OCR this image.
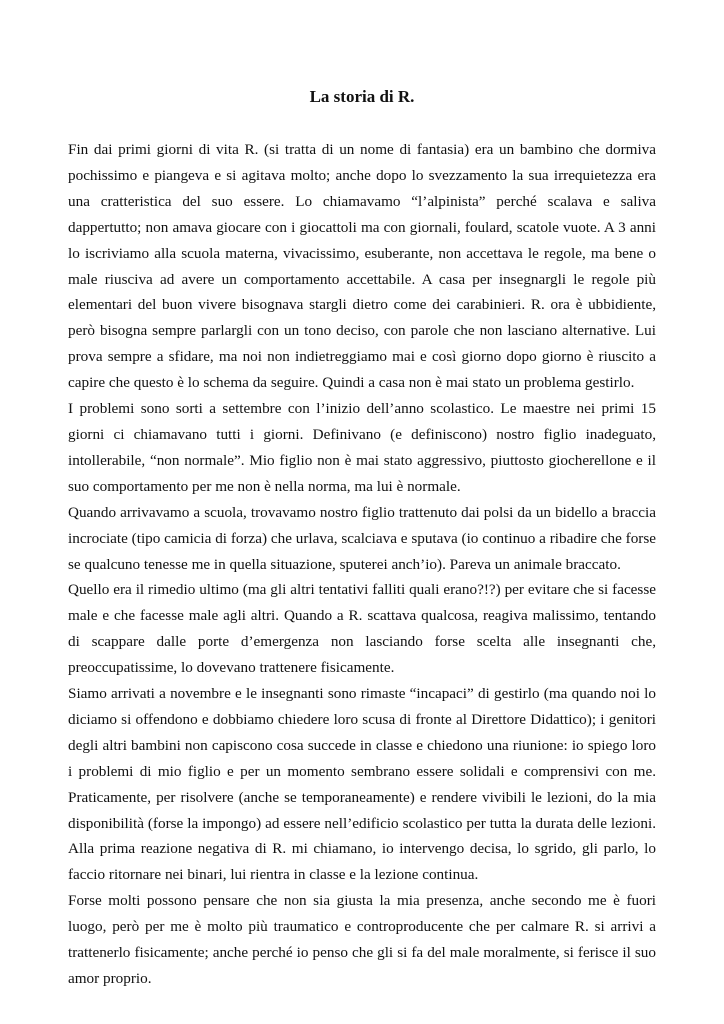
La storia di R.

Fin dai primi giorni di vita R. (si tratta di un nome di fantasia) era un bambino che dormiva pochissimo e piangeva e si agitava molto; anche dopo lo svezzamento la sua irrequietezza era una cratteristica del suo essere. Lo chiamavamo “l’alpinista” perché scalava e saliva dappertutto; non amava giocare con i giocattoli ma con giornali, foulard, scatole vuote. A 3 anni lo iscriviamo alla scuola materna, vivacissimo, esuberante, non accettava le regole, ma bene o male riusciva ad avere un comportamento accettabile. A casa per insegnargli le regole più elementari del buon vivere bisognava stargli dietro come dei carabinieri. R. ora è ubbidiente, però bisogna sempre parlargli con un tono deciso, con parole che non lasciano alternative. Lui prova sempre a sfidare, ma noi non indietreggiamo mai e così giorno dopo giorno è riuscito a capire che questo è lo schema da seguire. Quindi a casa non è mai stato un problema gestirlo.

I problemi sono sorti a settembre con l’inizio dell’anno scolastico. Le maestre nei primi 15 giorni ci chiamavano tutti i giorni. Definivano (e definiscono) nostro figlio inadeguato, intollerabile, “non normale”. Mio figlio non è mai stato aggressivo, piuttosto giocherellone e il suo comportamento per me non è nella norma, ma lui è normale.

Quando arrivavamo a scuola, trovavamo nostro figlio trattenuto dai polsi da un bidello a braccia incrociate (tipo camicia di forza) che urlava, scalciava e sputava (io continuo a ribadire che forse se qualcuno tenesse me in quella situazione, sputerei anch’io). Pareva un animale braccato.

Quello era il rimedio ultimo (ma gli altri tentativi falliti quali erano?!?) per evitare che si facesse male e che facesse male agli altri. Quando a R. scattava qualcosa, reagiva malissimo, tentando di scappare dalle porte d’emergenza non lasciando forse scelta alle insegnanti che, preoccupatissime, lo dovevano trattenere fisicamente.

Siamo arrivati a novembre e le insegnanti sono rimaste “incapaci” di gestirlo (ma quando noi lo diciamo si offendono e dobbiamo chiedere loro scusa di fronte al Direttore Didattico); i genitori degli altri bambini non capiscono cosa succede in classe e chiedono una riunione: io spiego loro i problemi di mio figlio e per un momento sembrano essere solidali e comprensivi con me. Praticamente, per risolvere (anche se temporaneamente) e rendere vivibili le lezioni, do la mia disponibilità (forse la impongo) ad essere nell’edificio scolastico per tutta la durata delle lezioni. Alla prima reazione negativa di R. mi chiamano, io intervengo decisa, lo sgrido, gli parlo, lo faccio ritornare nei binari, lui rientra in classe e la lezione continua.

Forse molti possono pensare che non sia giusta la mia presenza, anche secondo me è fuori luogo, però per me è molto più traumatico e controproducente che per calmare R. si arrivi a trattenerlo fisicamente; anche perché io penso che gli si fa del male moralmente, si ferisce il suo amor proprio.
